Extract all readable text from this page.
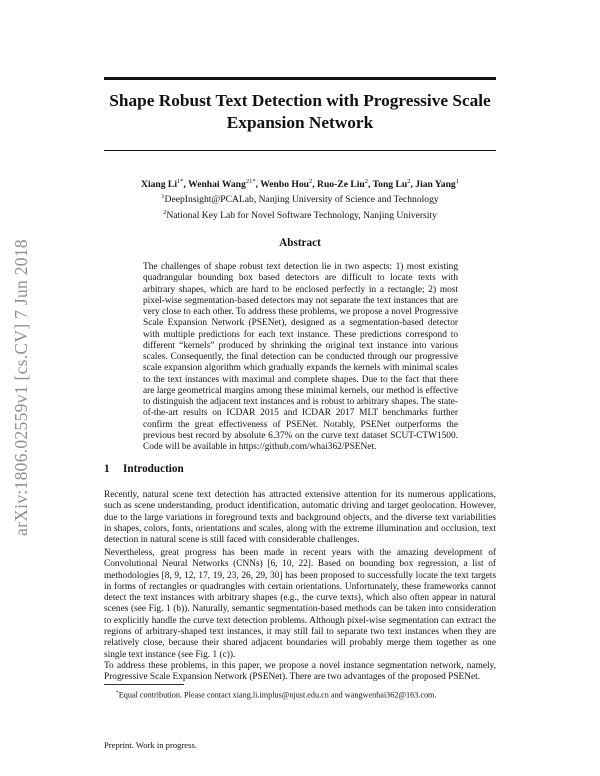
arXiv:1806.02559v1 [cs.CV] 7 Jun 2018
Shape Robust Text Detection with Progressive Scale
Expansion Network
Xiang $Li^{1*}$, Wenhai Wang$^{21*}$, Wenbo Hou$^2$, Ruo-Ze Liu$^2$, Tong Lu$^2$, Jian Yang$^1$
$^1$DeepInsight@PCALab, Nanjing University of Science and Technology
$^2$National Key Lab for Novel Software Technology, Nanjing University
Abstract

The challenges of shape robust text detection lie in two aspects: 1) most existing quadrangular bounding box based detectors are difficult to locate texts with arbitrary shapes, which are hard to be enclosed perfectly in a rectangle; 2) most pixel-wise segmentation-based detectors may not separate the text instances that are very close to each other. To address these problems, we propose a novel Progressive Scale Expansion Network (PSENet), designed as a segmentation-based detector with multiple predictions for each text instance. These predictions correspond to different “kernels” produced by shrinking the original text instance into various scales. Consequently, the final detection can be conducted through our progressive scale expansion algorithm which gradually expands the kernels with minimal scales to the text instances with maximal and complete shapes. Due to the fact that there are large geometrical margins among these minimal kernels, our method is effective to distinguish the adjacent text instances and is robust to arbitrary shapes. The state-of-the-art results on ICDAR 2015 and ICDAR 2017 MLT benchmarks further confirm the great effectiveness of PSENet. Notably, PSENet outperforms the previous best record by absolute 6.37% on the curve text dataset SCUT-CTW1500. Code will be available in https://github.com/whai362/PSENet.

1 Introduction

Recently, natural scene text detection has attracted extensive attention for its numerous applications, such as scene understanding, product identification, automatic driving and target geolocation. However, due to the large variations in foreground texts and background objects, and the diverse text variabilities in shapes, colors, fonts, orientations and scales, along with the extreme illumination and occlusion, text detection in natural scene is still faced with considerable challenges.

Nevertheless, great progress has been made in recent years with the amazing development of Convolutional Neural Networks (CNNs) [6, 10, 22]. Based on bounding box regression, a list of methodologies [8, 9, 12, 17, 19, 23, 26, 29, 30] has been proposed to successfully locate the text targets in forms of rectangles or quadrangles with certain orientations. Unfortunately, these frameworks cannot detect the text instances with arbitrary shapes (e.g., the curve texts), which also often appear in natural scenes (see Fig. 1 (b)). Naturally, semantic segmentation-based methods can be taken into consideration to explicitly handle the curve text detection problems. Although pixel-wise segmentation can extract the regions of arbitrary-shaped text instances, it may still fail to separate two text instances when they are relatively close, because their shared adjacent boundaries will probably merge them together as one single text instance (see Fig. 1 (c)).

To address these problems, in this paper, we propose a novel instance segmentation network, namely, Progressive Scale Expansion Network (PSENet). There are two advantages of the proposed PSENet.

*Equal contribution. Please contact xiang.li.implus@njust.edu.cn and wangwenhai362@163.com.
Preprint. Work in progress.
